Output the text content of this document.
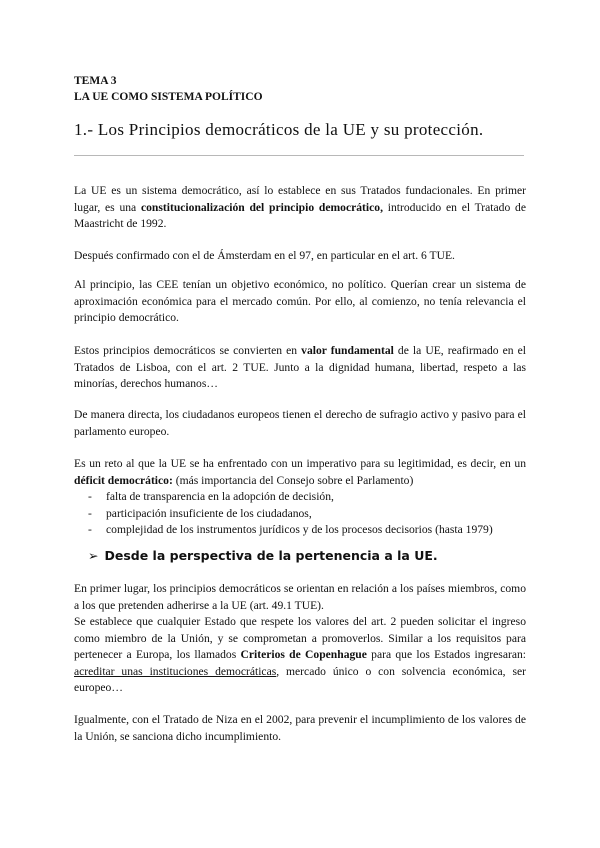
TEMA 3
LA UE COMO SISTEMA POLÍTICO
1.- Los Principios democráticos de la UE y su protección.
La UE es un sistema democrático, así lo establece en sus Tratados fundacionales. En primer lugar, es una constitucionalización del principio democrático, introducido en el Tratado de Maastricht de 1992.
Después confirmado con el de Ámsterdam en el 97, en particular en el art. 6 TUE.
Al principio, las CEE tenían un objetivo económico, no político. Querían crear un sistema de aproximación económica para el mercado común. Por ello, al comienzo, no tenía relevancia el principio democrático.
Estos principios democráticos se convierten en valor fundamental de la UE, reafirmado en el Tratados de Lisboa, con el art. 2 TUE. Junto a la dignidad humana, libertad, respeto a las minorías, derechos humanos…
De manera directa, los ciudadanos europeos tienen el derecho de sufragio activo y pasivo para el parlamento europeo.
Es un reto al que la UE se ha enfrentado con un imperativo para su legitimidad, es decir, en un déficit democrático: (más importancia del Consejo sobre el Parlamento)
- falta de transparencia en la adopción de decisión,
- participación insuficiente de los ciudadanos,
- complejidad de los instrumentos jurídicos y de los procesos decisorios (hasta 1979)
➢ Desde la perspectiva de la pertenencia a la UE.
En primer lugar, los principios democráticos se orientan en relación a los países miembros, como a los que pretenden adherirse a la UE (art. 49.1 TUE).
Se establece que cualquier Estado que respete los valores del art. 2 pueden solicitar el ingreso como miembro de la Unión, y se comprometan a promoverlos. Similar a los requisitos para pertenecer a Europa, los llamados Criterios de Copenhague para que los Estados ingresaran: acreditar unas instituciones democráticas, mercado único o con solvencia económica, ser europeo…
Igualmente, con el Tratado de Niza en el 2002, para prevenir el incumplimiento de los valores de la Unión, se sanciona dicho incumplimiento.
